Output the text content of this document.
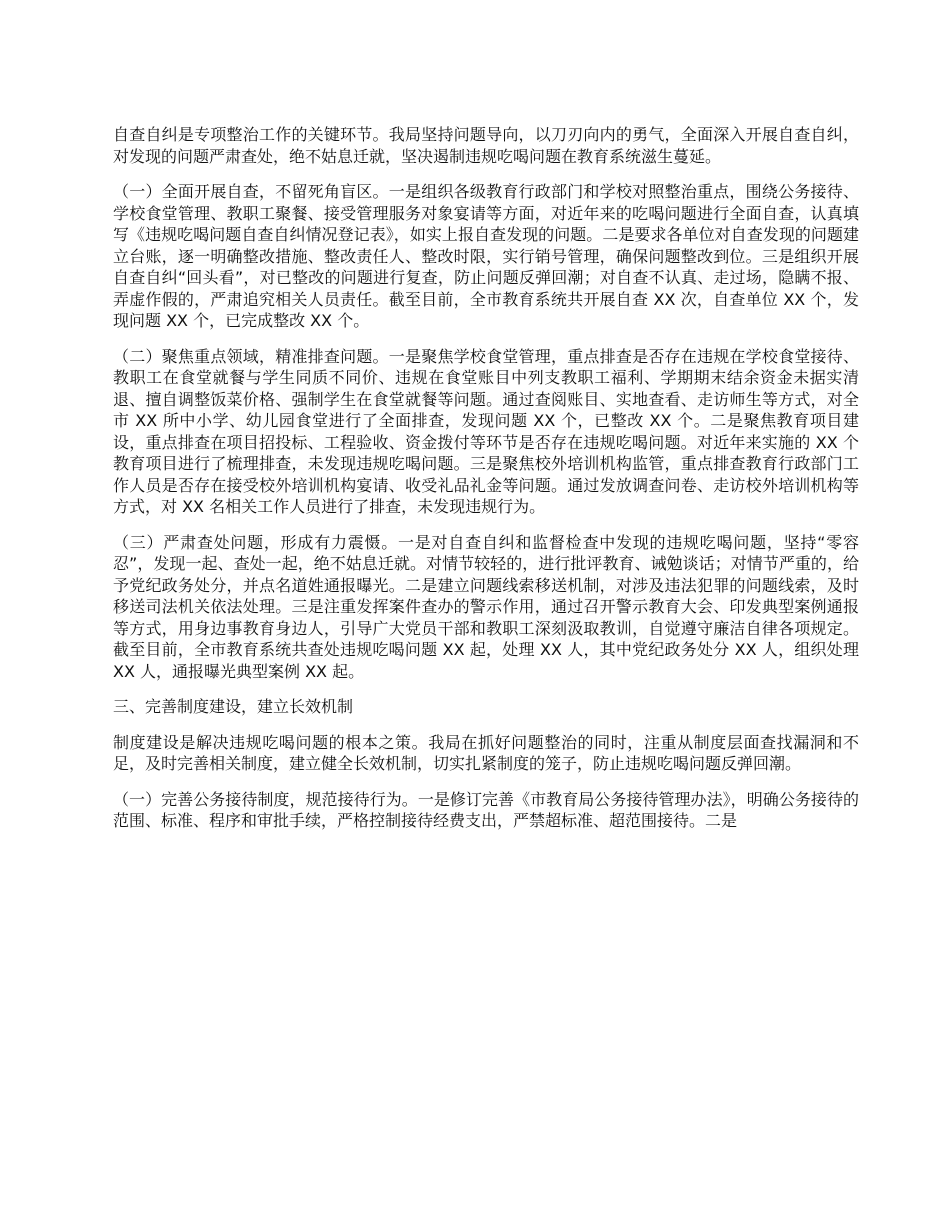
自查自纠是专项整治工作的关键环节。我局坚持问题导向，以刀刃向内的勇气，全面深入开展自查自纠，对发现的问题严肃查处，绝不姑息迁就，坚决遏制违规吃喝问题在教育系统滋生蔓延。

（一）全面开展自查，不留死角盲区。一是组织各级教育行政部门和学校对照整治重点，围绕公务接待、学校食堂管理、教职工聚餐、接受管理服务对象宴请等方面，对近年来的吃喝问题进行全面自查，认真填写《违规吃喝问题自查自纠情况登记表》，如实上报自查发现的问题。二是要求各单位对自查发现的问题建立台账，逐一明确整改措施、整改责任人、整改时限，实行销号管理，确保问题整改到位。三是组织开展自查自纠“回头看”，对已整改的问题进行复查，防止问题反弹回潮；对自查不认真、走过场，隐瞒不报、弄虚作假的，严肃追究相关人员责任。截至目前，全市教育系统共开展自查 XX 次，自查单位 XX 个，发现问题 XX 个，已完成整改 XX 个。

（二）聚焦重点领域，精准排查问题。一是聚焦学校食堂管理，重点排查是否存在违规在学校食堂接待、教职工在食堂就餐与学生同质不同价、违规在食堂账目中列支教职工福利、学期期末结余资金未据实清退、擅自调整饭菜价格、强制学生在食堂就餐等问题。通过查阅账目、实地查看、走访师生等方式，对全市 XX 所中小学、幼儿园食堂进行了全面排查，发现问题 XX 个，已整改 XX 个。二是聚焦教育项目建设，重点排查在项目招投标、工程验收、资金拨付等环节是否存在违规吃喝问题。对近年来实施的 XX 个教育项目进行了梳理排查，未发现违规吃喝问题。三是聚焦校外培训机构监管，重点排查教育行政部门工作人员是否存在接受校外培训机构宴请、收受礼品礼金等问题。通过发放调查问卷、走访校外培训机构等方式，对 XX 名相关工作人员进行了排查，未发现违规行为。

（三）严肃查处问题，形成有力震慑。一是对自查自纠和监督检查中发现的违规吃喝问题，坚持“零容忍”，发现一起、查处一起，绝不姑息迁就。对情节较轻的，进行批评教育、诫勉谈话；对情节严重的，给予党纪政务处分，并点名道姓通报曝光。二是建立问题线索移送机制，对涉及违法犯罪的问题线索，及时移送司法机关依法处理。三是注重发挥案件查办的警示作用，通过召开警示教育大会、印发典型案例通报等方式，用身边事教育身边人，引导广大党员干部和教职工深刻汲取教训，自觉遵守廉洁自律各项规定。截至目前，全市教育系统共查处违规吃喝问题 XX 起，处理 XX 人，其中党纪政务处分 XX 人，组织处理 XX 人，通报曝光典型案例 XX 起。

三、完善制度建设，建立长效机制

制度建设是解决违规吃喝问题的根本之策。我局在抓好问题整治的同时，注重从制度层面查找漏洞和不足，及时完善相关制度，建立健全长效机制，切实扎紧制度的笼子，防止违规吃喝问题反弹回潮。

（一）完善公务接待制度，规范接待行为。一是修订完善《市教育局公务接待管理办法》，明确公务接待的范围、标准、程序和审批手续，严格控制接待经费支出，严禁超标准、超范围接待。二是
